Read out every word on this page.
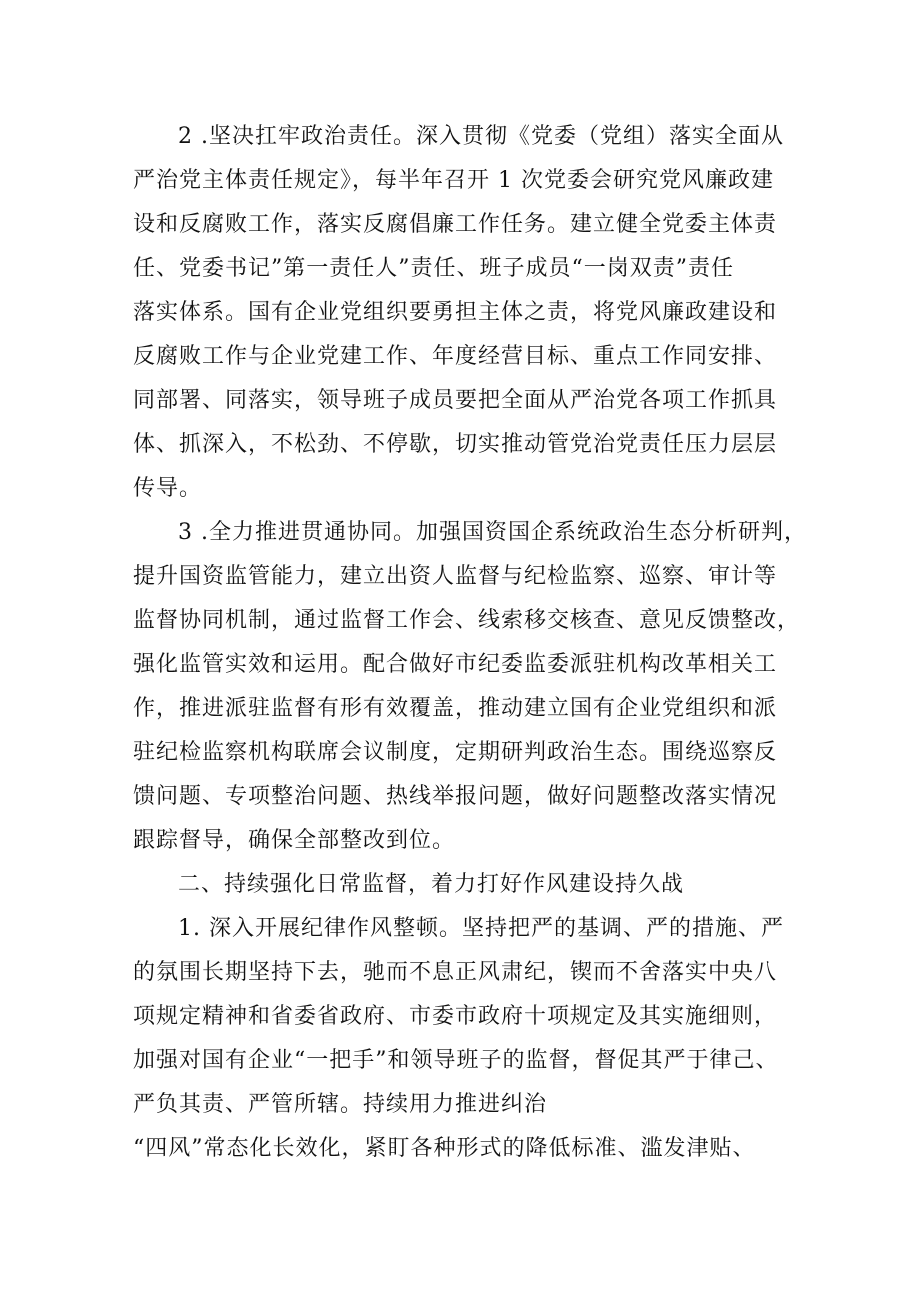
2 .坚决扛牢政治责任。深入贯彻《党委（党组）落实全面从
严治党主体责任规定》，每半年召开 1 次党委会研究党风廉政建
设和反腐败工作，落实反腐倡廉工作任务。建立健全党委主体责
任、党委书记”第一责任人”责任、班子成员“一岗双责”责任
落实体系。国有企业党组织要勇担主体之责，将党风廉政建设和
反腐败工作与企业党建工作、年度经营目标、重点工作同安排、
同部署、同落实，领导班子成员要把全面从严治党各项工作抓具
体、抓深入，不松劲、不停歇，切实推动管党治党责任压力层层
传导。
3 .全力推进贯通协同。加强国资国企系统政治生态分析研判，
提升国资监管能力，建立出资人监督与纪检监察、巡察、审计等
监督协同机制，通过监督工作会、线索移交核查、意见反馈整改，
强化监管实效和运用。配合做好市纪委监委派驻机构改革相关工
作，推进派驻监督有形有效覆盖，推动建立国有企业党组织和派
驻纪检监察机构联席会议制度，定期研判政治生态。围绕巡察反
馈问题、专项整治问题、热线举报问题，做好问题整改落实情况
跟踪督导，确保全部整改到位。
二、持续强化日常监督，着力打好作风建设持久战
1. 深入开展纪律作风整顿。坚持把严的基调、严的措施、严
的氛围长期坚持下去，驰而不息正风肃纪，锲而不舍落实中央八
项规定精神和省委省政府、市委市政府十项规定及其实施细则，
加强对国有企业“一把手”和领导班子的监督，督促其严于律己、
严负其责、严管所辖。持续用力推进纠治
“四风”常态化长效化，紧盯各种形式的降低标准、滥发津贴、
